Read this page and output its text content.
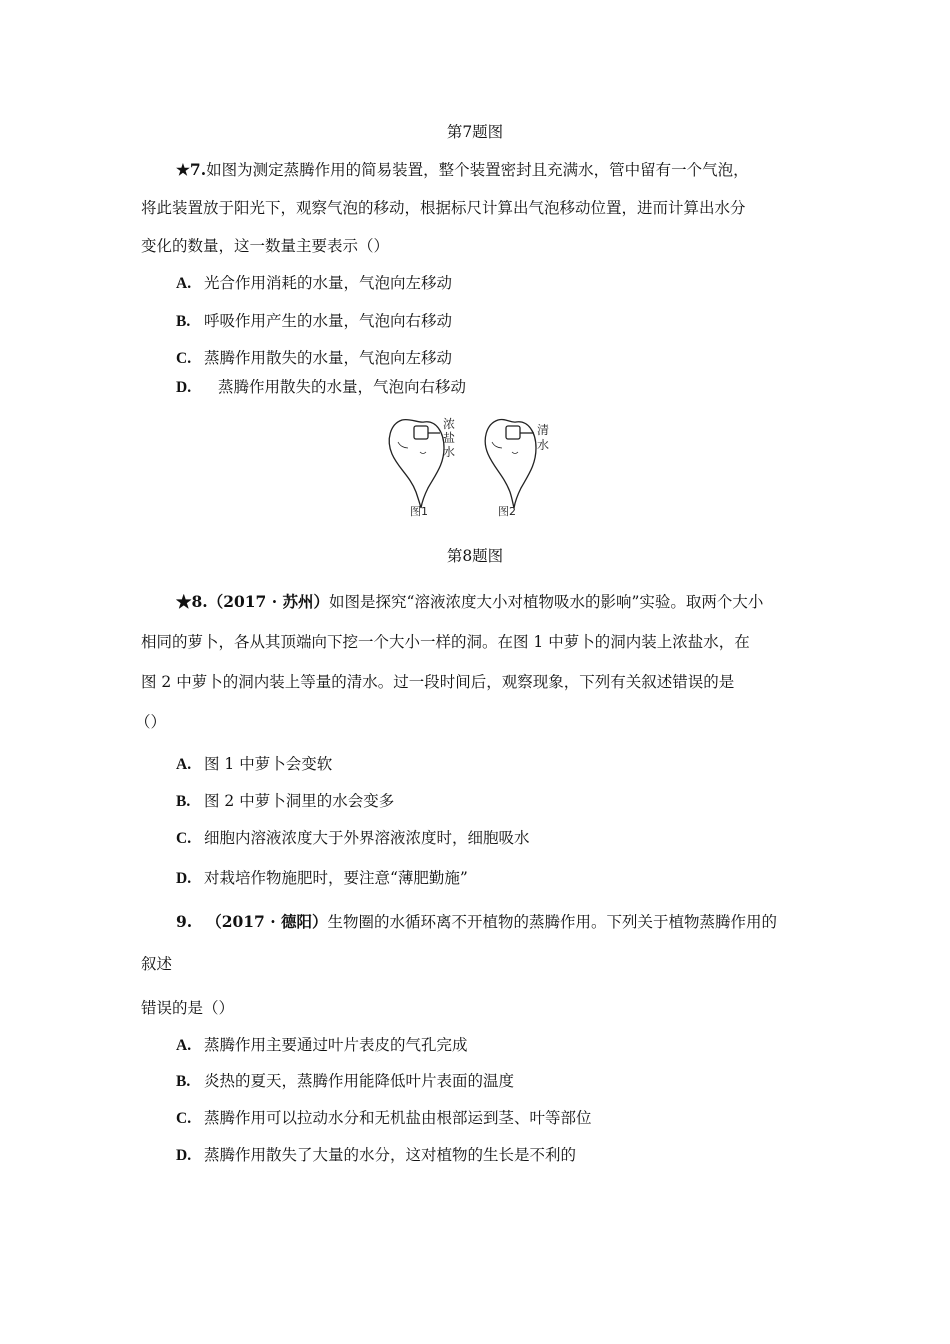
第7题图
★7.如图为测定蒸腾作用的简易装置，整个装置密封且充满水，管中留有一个气泡，
将此装置放于阳光下，观察气泡的移动，根据标尺计算出气泡移动位置，进而计算出水分
变化的数量，这一数量主要表示（）
A. 光合作用消耗的水量，气泡向左移动
B. 呼吸作用产生的水量，气泡向右移动
C. 蒸腾作用散失的水量，气泡向左移动
D. 蒸腾作用散失的水量，气泡向右移动
浓
盐
水
清
水
图1	图2
第8题图
★8.（2017 · 苏州）如图是探究“溶液浓度大小对植物吸水的影响”实验。取两个大小
相同的萝卜，各从其顶端向下挖一个大小一样的洞。在图 1 中萝卜的洞内装上浓盐水，在
图 2 中萝卜的洞内装上等量的清水。过一段时间后，观察现象，下列有关叙述错误的是
（）
A. 图 1 中萝卜会变软
B. 图 2 中萝卜洞里的水会变多
C. 细胞内溶液浓度大于外界溶液浓度时，细胞吸水
D. 对栽培作物施肥时，要注意“薄肥勤施”
9. （2017 · 德阳）生物圈的水循环离不开植物的蒸腾作用。下列关于植物蒸腾作用的
叙述
错误的是（）
A. 蒸腾作用主要通过叶片表皮的气孔完成
B. 炎热的夏天，蒸腾作用能降低叶片表面的温度
C. 蒸腾作用可以拉动水分和无机盐由根部运到茎、叶等部位
D. 蒸腾作用散失了大量的水分，这对植物的生长是不利的
